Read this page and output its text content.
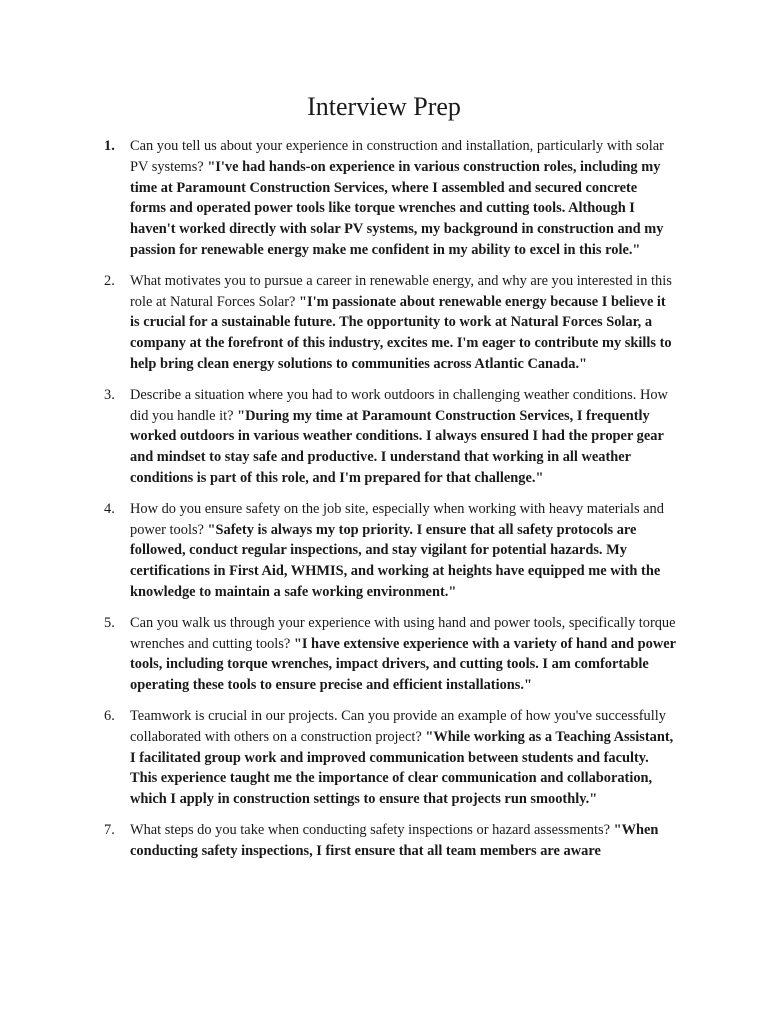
Interview Prep
1.	Can you tell us about your experience in construction and installation, particularly with solar PV systems? "I've had hands-on experience in various construction roles, including my time at Paramount Construction Services, where I assembled and secured concrete forms and operated power tools like torque wrenches and cutting tools. Although I haven't worked directly with solar PV systems, my background in construction and my passion for renewable energy make me confident in my ability to excel in this role."
2.	What motivates you to pursue a career in renewable energy, and why are you interested in this role at Natural Forces Solar? "I'm passionate about renewable energy because I believe it is crucial for a sustainable future. The opportunity to work at Natural Forces Solar, a company at the forefront of this industry, excites me. I'm eager to contribute my skills to help bring clean energy solutions to communities across Atlantic Canada."
3.	Describe a situation where you had to work outdoors in challenging weather conditions. How did you handle it? "During my time at Paramount Construction Services, I frequently worked outdoors in various weather conditions. I always ensured I had the proper gear and mindset to stay safe and productive. I understand that working in all weather conditions is part of this role, and I'm prepared for that challenge."
4.	How do you ensure safety on the job site, especially when working with heavy materials and power tools? "Safety is always my top priority. I ensure that all safety protocols are followed, conduct regular inspections, and stay vigilant for potential hazards. My certifications in First Aid, WHMIS, and working at heights have equipped me with the knowledge to maintain a safe working environment."
5.	Can you walk us through your experience with using hand and power tools, specifically torque wrenches and cutting tools? "I have extensive experience with a variety of hand and power tools, including torque wrenches, impact drivers, and cutting tools. I am comfortable operating these tools to ensure precise and efficient installations."
6.	Teamwork is crucial in our projects. Can you provide an example of how you've successfully collaborated with others on a construction project? "While working as a Teaching Assistant, I facilitated group work and improved communication between students and faculty. This experience taught me the importance of clear communication and collaboration, which I apply in construction settings to ensure that projects run smoothly."
7.	What steps do you take when conducting safety inspections or hazard assessments? "When conducting safety inspections, I first ensure that all team members are aware
